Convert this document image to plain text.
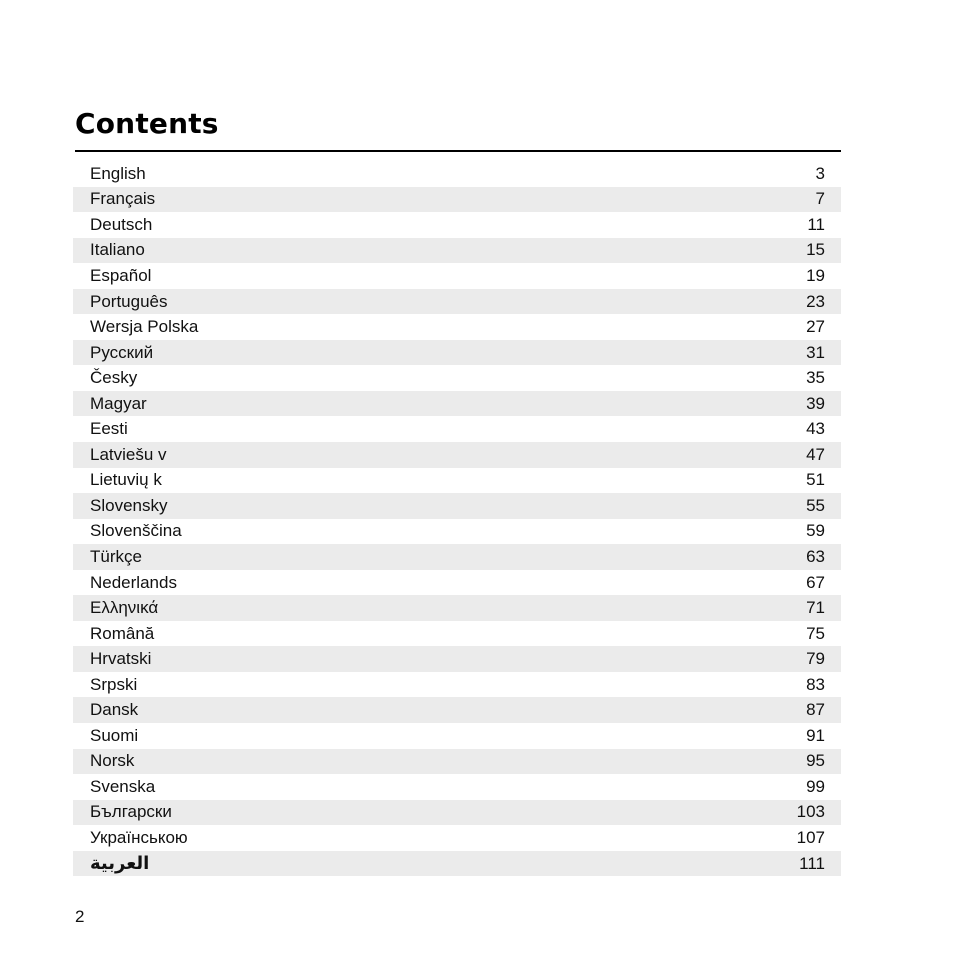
Contents
English	3
Français	7
Deutsch	11
Italiano	15
Español	19
Português	23
Wersja Polska	27
Русский	31
Česky	35
Magyar	39
Eesti	43
Latviešu v	47
Lietuvių k	51
Slovensky	55
Slovenščina	59
Türkçe	63
Nederlands	67
Ελληνικά	71
Română	75
Hrvatski	79
Srpski	83
Dansk	87
Suomi	91
Norsk	95
Svenska	99
Български	103
Українською	107
العربية	111
2
